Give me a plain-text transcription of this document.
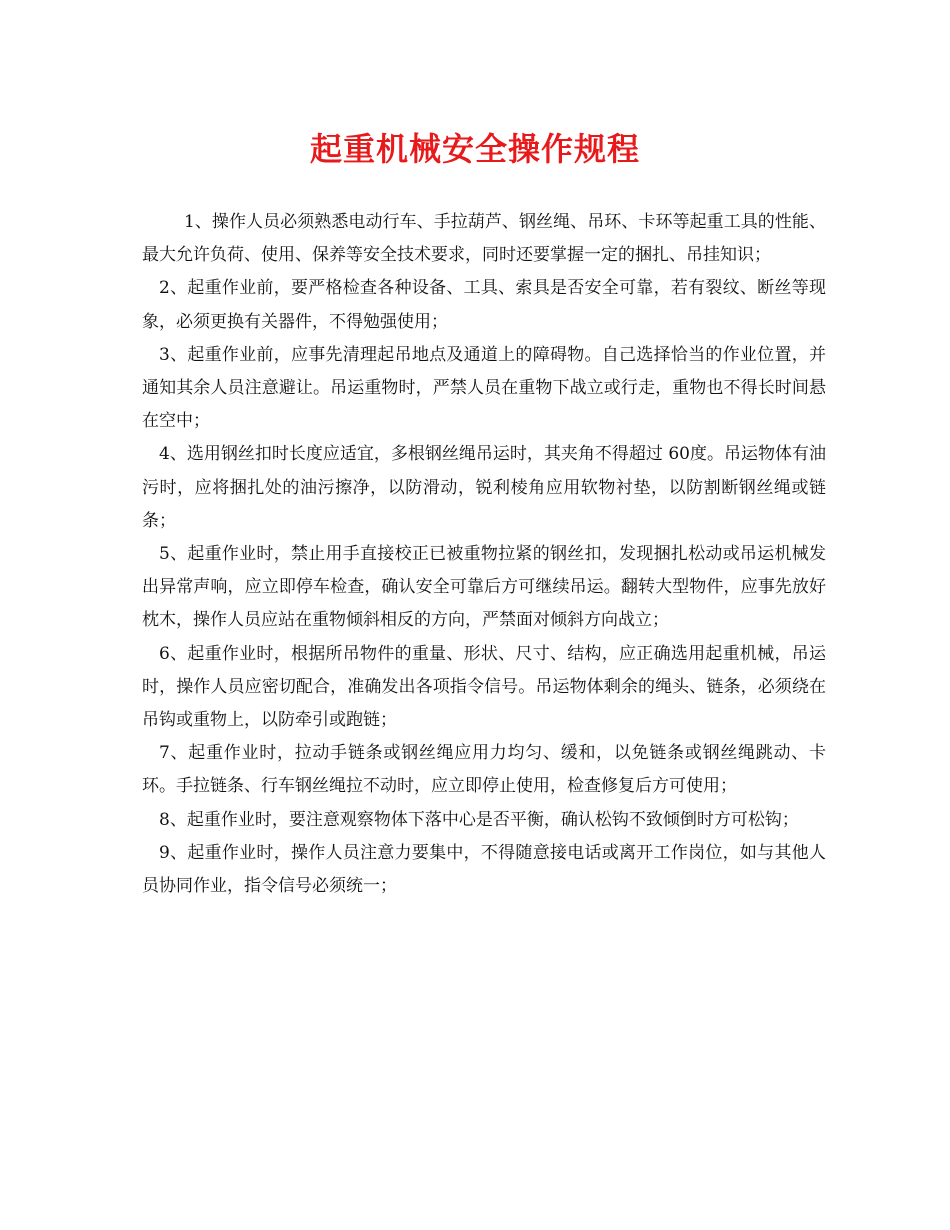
起重机械安全操作规程

1、操作人员必须熟悉电动行车、手拉葫芦、钢丝绳、吊环、卡环等起重工具的性能、最大允许负荷、使用、保养等安全技术要求，同时还要掌握一定的捆扎、吊挂知识；

2、起重作业前，要严格检查各种设备、工具、索具是否安全可靠，若有裂纹、断丝等现象，必须更换有关器件，不得勉强使用；

3、起重作业前，应事先清理起吊地点及通道上的障碍物。自己选择恰当的作业位置，并通知其余人员注意避让。吊运重物时，严禁人员在重物下战立或行走，重物也不得长时间悬在空中；

4、选用钢丝扣时长度应适宜，多根钢丝绳吊运时，其夹角不得超过 60度。吊运物体有油污时，应将捆扎处的油污擦净，以防滑动，锐利棱角应用软物衬垫，以防割断钢丝绳或链条；

5、起重作业时，禁止用手直接校正已被重物拉紧的钢丝扣，发现捆扎松动或吊运机械发出异常声响，应立即停车检查，确认安全可靠后方可继续吊运。翻转大型物件，应事先放好枕木，操作人员应站在重物倾斜相反的方向，严禁面对倾斜方向战立；

6、起重作业时，根据所吊物件的重量、形状、尺寸、结构，应正确选用起重机械，吊运时，操作人员应密切配合，准确发出各项指令信号。吊运物体剩余的绳头、链条，必须绕在吊钩或重物上，以防牵引或跑链；

7、起重作业时，拉动手链条或钢丝绳应用力均匀、缓和，以免链条或钢丝绳跳动、卡环。手拉链条、行车钢丝绳拉不动时，应立即停止使用，检查修复后方可使用；

8、起重作业时，要注意观察物体下落中心是否平衡，确认松钩不致倾倒时方可松钩；

9、起重作业时，操作人员注意力要集中，不得随意接电话或离开工作岗位，如与其他人员协同作业，指令信号必须统一；
